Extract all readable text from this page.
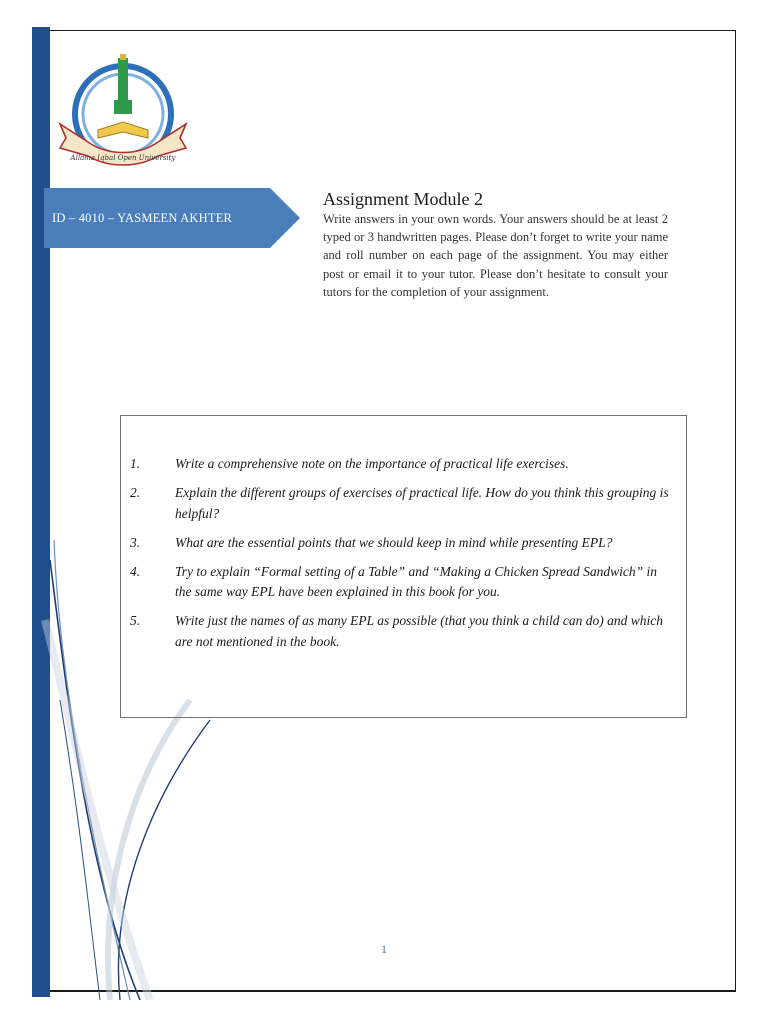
Allama Iqbal Open University
ID – 4010 – YASMEEN AKHTER
Assignment Module 2

Write answers in your own words. Your answers should be at least 2 typed or 3 handwritten pages. Please don’t forget to write your name and roll number on each page of the assignment. You may either post or email it to your tutor. Please don’t hesitate to consult your tutors for the completion of your assignment.

1.	Write a comprehensive note on the importance of practical life exercises.
2.	Explain the different groups of exercises of practical life. How do you think this grouping is helpful?
3.	What are the essential points that we should keep in mind while presenting EPL?
4.	Try to explain “Formal setting of a Table” and “Making a Chicken Spread Sandwich” in the same way EPL have been explained in this book for you.
5.	Write just the names of as many EPL as possible (that you think a child can do) and which are not mentioned in the book.
1
